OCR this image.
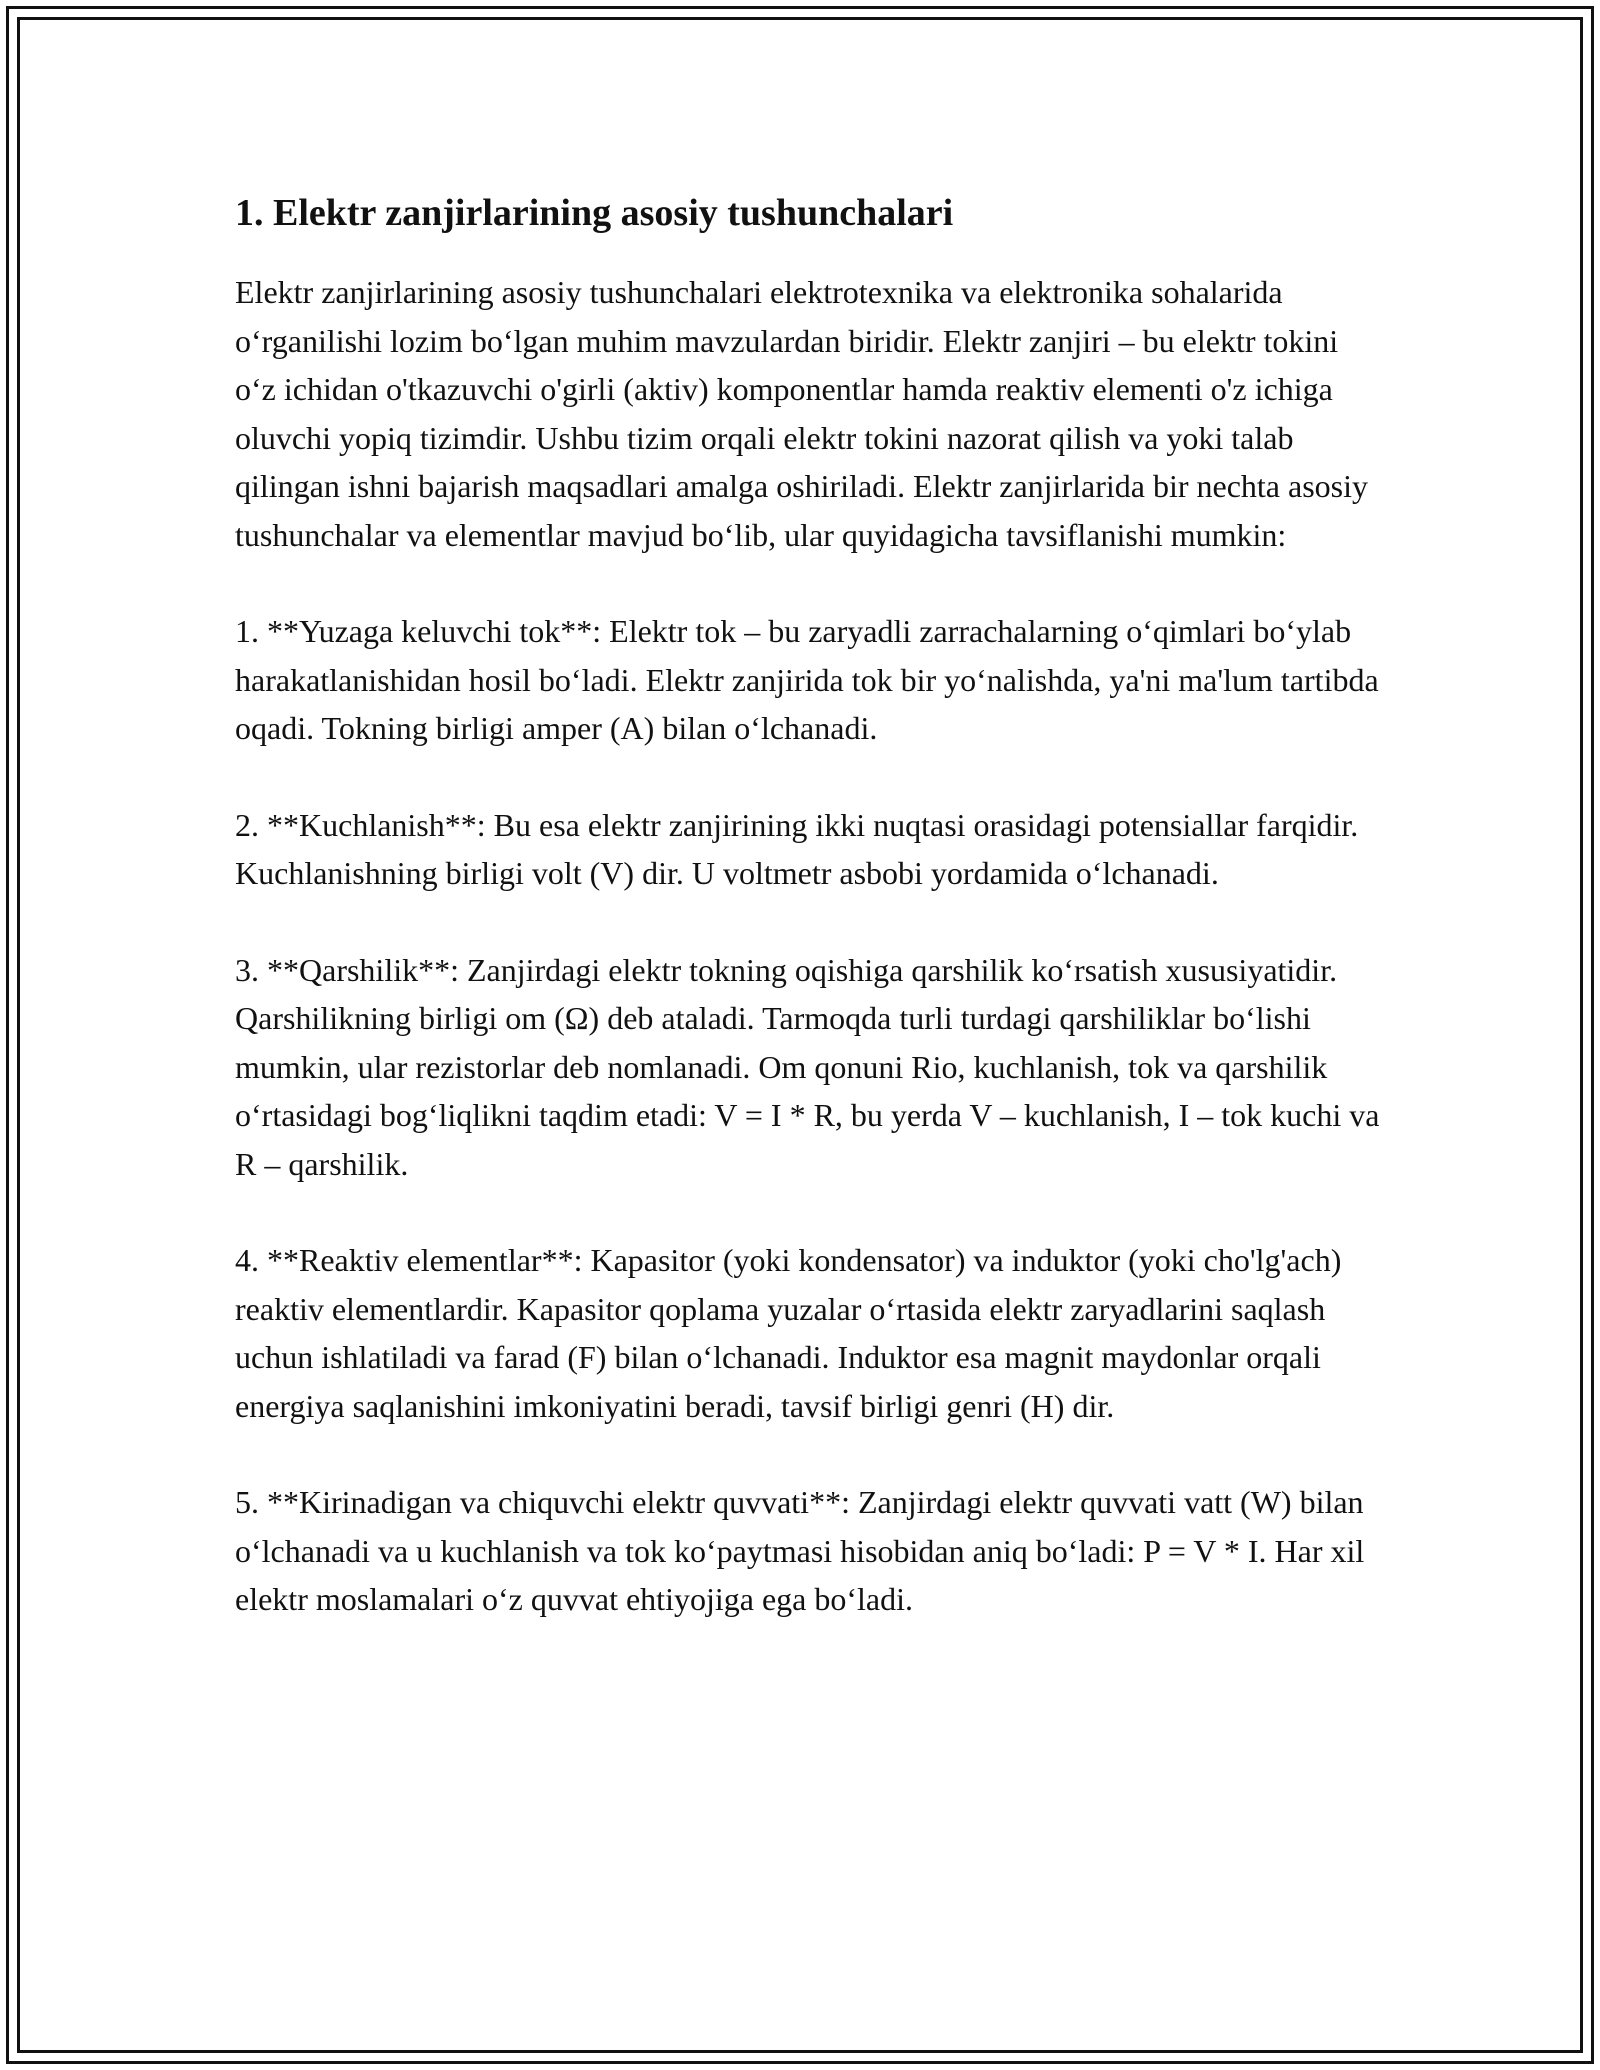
1. Elektr zanjirlarining asosiy tushunchalari

Elektr zanjirlarining asosiy tushunchalari elektrotexnika va elektronika sohalarida oʻrganilishi lozim boʻlgan muhim mavzulardan biridir. Elektr zanjiri – bu elektr tokini oʻz ichidan o'tkazuvchi o'girli (aktiv) komponentlar hamda reaktiv elementi o'z ichiga oluvchi yopiq tizimdir. Ushbu tizim orqali elektr tokini nazorat qilish va yoki talab qilingan ishni bajarish maqsadlari amalga oshiriladi. Elektr zanjirlarida bir nechta asosiy tushunchalar va elementlar mavjud boʻlib, ular quyidagicha tavsiflanishi mumkin:

1. **Yuzaga keluvchi tok**: Elektr tok – bu zaryadli zarrachalarning oʻqimlari boʻylab harakatlanishidan hosil boʻladi. Elektr zanjirida tok bir yoʻnalishda, ya'ni ma'lum tartibda oqadi. Tokning birligi amper (A) bilan oʻlchanadi.

2. **Kuchlanish**: Bu esa elektr zanjirining ikki nuqtasi orasidagi potensiallar farqidir. Kuchlanishning birligi volt (V) dir. U voltmetr asbobi yordamida oʻlchanadi.

3. **Qarshilik**: Zanjirdagi elektr tokning oqishiga qarshilik koʻrsatish xususiyatidir. Qarshilikning birligi om (Ω) deb ataladi. Tarmoqda turli turdagi qarshiliklar boʻlishi mumkin, ular rezistorlar deb nomlanadi. Om qonuni Rio, kuchlanish, tok va qarshilik oʻrtasidagi bogʻliqlikni taqdim etadi: V = I * R, bu yerda V – kuchlanish, I – tok kuchi va R – qarshilik.

4. **Reaktiv elementlar**: Kapasitor (yoki kondensator) va induktor (yoki cho'lg'ach) reaktiv elementlardir. Kapasitor qoplama yuzalar oʻrtasida elektr zaryadlarini saqlash uchun ishlatiladi va farad (F) bilan oʻlchanadi. Induktor esa magnit maydonlar orqali energiya saqlanishini imkoniyatini beradi, tavsif birligi genri (H) dir.

5. **Kirinadigan va chiquvchi elektr quvvati**: Zanjirdagi elektr quvvati vatt (W) bilan oʻlchanadi va u kuchlanish va tok koʻpaytmasi hisobidan aniq boʻladi: P = V * I. Har xil elektr moslamalari oʻz quvvat ehtiyojiga ega boʻladi.
